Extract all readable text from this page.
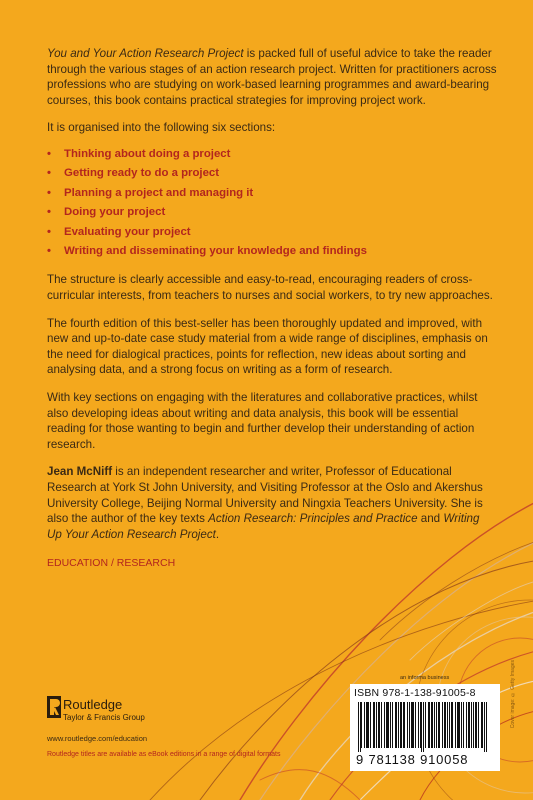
You and Your Action Research Project is packed full of useful advice to take the reader through the various stages of an action research project. Written for practitioners across professions who are studying on work-based learning programmes and award-bearing courses, this book contains practical strategies for improving project work.

It is organised into the following six sections:

• Thinking about doing a project
• Getting ready to do a project
• Planning a project and managing it
• Doing your project
• Evaluating your project
• Writing and disseminating your knowledge and findings

The structure is clearly accessible and easy-to-read, encouraging readers of cross-curricular interests, from teachers to nurses and social workers, to try new approaches.

The fourth edition of this best-seller has been thoroughly updated and improved, with new and up-to-date case study material from a wide range of disciplines, emphasis on the need for dialogical practices, points for reflection, new ideas about sorting and analysing data, and a strong focus on writing as a form of research.

With key sections on engaging with the literatures and collaborative practices, whilst also developing ideas about writing and data analysis, this book will be essential reading for those wanting to begin and further develop their understanding of action research.

Jean McNiff is an independent researcher and writer, Professor of Educational Research at York St John University, and Visiting Professor at the Oslo and Akershus University College, Beijing Normal University and Ningxia Teachers University. She is also the author of the key texts Action Research: Principles and Practice and Writing Up Your Action Research Project.

EDUCATION / RESEARCH
an informa business
ISBN 978-1-138-91005-8
9 781138 910058
Routledge
Taylor & Francis Group
www.routledge.com/education
Routledge titles are available as eBook editions in a range of digital formats
Cover image: © Getty Images
